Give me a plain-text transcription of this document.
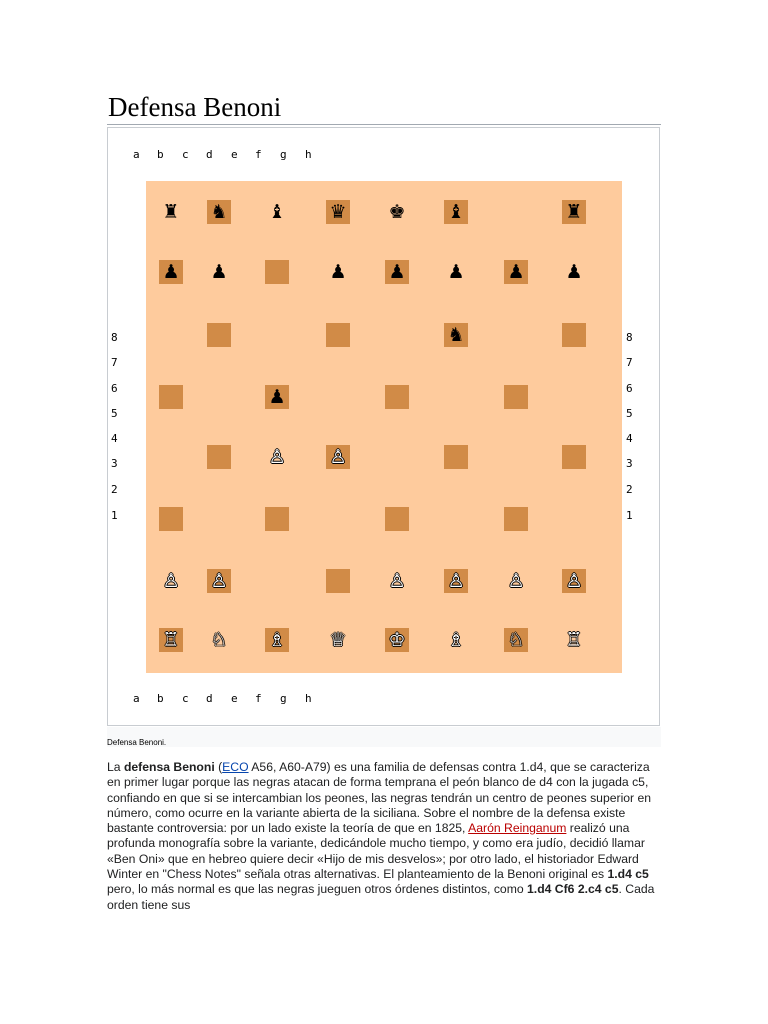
Defensa Benoni
a b c d e f g h
a b c d e f g h
8
7
6
5
4
3
2
1
8
7
6
5
4
3
2
1
♜ ♞ ♝ ♛ ♚ ♝	♜
♟ ♟	♟ ♟ ♟ ♟ ♟
♞
♟
♙ ♙
♙ ♙	♙ ♙ ♙ ♙
♖ ♘ ♗ ♕ ♔ ♗ ♘ ♖
Defensa Benoni.

La defensa Benoni (ECO A56, A60-A79) es una familia de defensas contra 1.d4, que se caracteriza en primer lugar porque las negras atacan de forma temprana el peón blanco de d4 con la jugada c5, confiando en que si se intercambian los peones, las negras tendrán un centro de peones superior en número, como ocurre en la variante abierta de la siciliana. Sobre el nombre de la defensa existe bastante controversia: por un lado existe la teoría de que en 1825, Aarón Reinganum realizó una profunda monografía sobre la variante, dedicándole mucho tiempo, y como era judío, decidió llamar «Ben Oni» que en hebreo quiere decir «Hijo de mis desvelos»; por otro lado, el historiador Edward Winter en "Chess Notes" señala otras alternativas. El planteamiento de la Benoni original es 1.d4 c5 pero, lo más normal es que las negras jueguen otros órdenes distintos, como 1.d4 Cf6 2.c4 c5. Cada orden tiene sus
